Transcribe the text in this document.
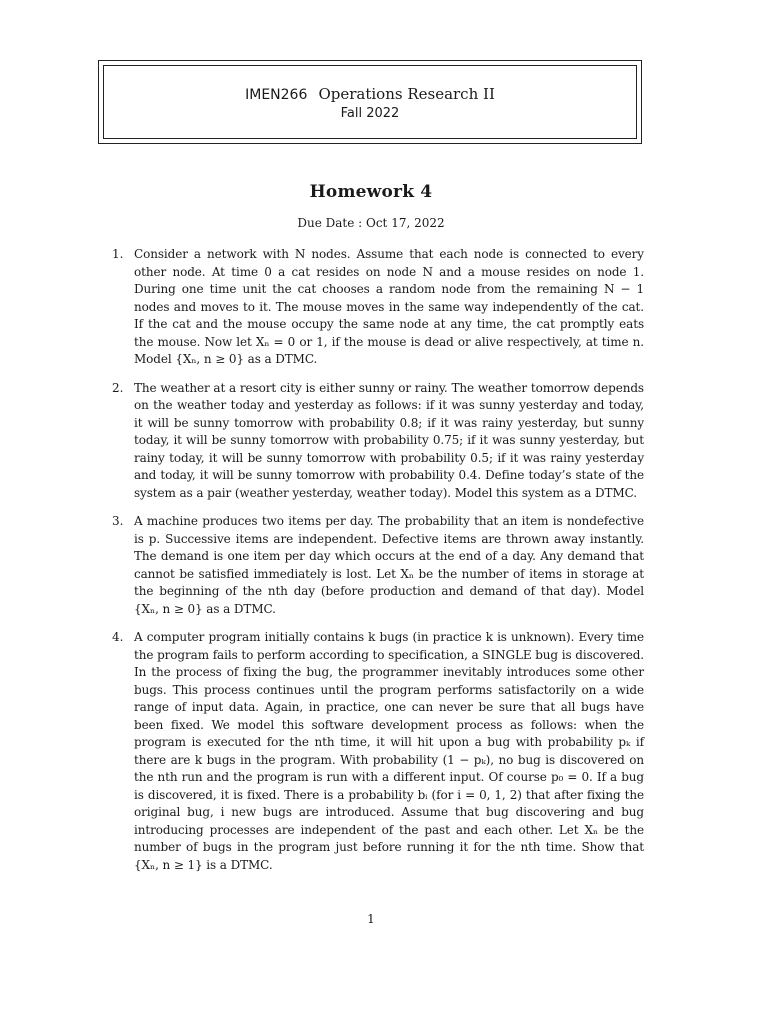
IMEN266 Operations Research II
Fall 2022
Homework 4
Due Date : Oct 17, 2022
1. Consider a network with N nodes. Assume that each node is connected to every other node. At time 0 a cat resides on node N and a mouse resides on node 1. During one time unit the cat chooses a random node from the remaining N − 1 nodes and moves to it. The mouse moves in the same way independently of the cat. If the cat and the mouse occupy the same node at any time, the cat promptly eats the mouse. Now let Xₙ = 0 or 1, if the mouse is dead or alive respectively, at time n. Model {Xₙ, n ≥ 0} as a DTMC.
2. The weather at a resort city is either sunny or rainy. The weather tomorrow depends on the weather today and yesterday as follows: if it was sunny yesterday and today, it will be sunny tomorrow with probability 0.8; if it was rainy yesterday, but sunny today, it will be sunny tomorrow with probability 0.75; if it was sunny yesterday, but rainy today, it will be sunny tomorrow with probability 0.5; if it was rainy yesterday and today, it will be sunny tomorrow with probability 0.4. Define today’s state of the system as a pair (weather yesterday, weather today). Model this system as a DTMC.
3. A machine produces two items per day. The probability that an item is nondefective is p. Successive items are independent. Defective items are thrown away instantly. The demand is one item per day which occurs at the end of a day. Any demand that cannot be satisfied immediately is lost. Let Xₙ be the number of items in storage at the beginning of the nth day (before production and demand of that day). Model {Xₙ, n ≥ 0} as a DTMC.
4. A computer program initially contains k bugs (in practice k is unknown). Every time the program fails to perform according to specification, a SINGLE bug is discovered. In the process of fixing the bug, the programmer inevitably introduces some other bugs. This process continues until the program performs satisfactorily on a wide range of input data. Again, in practice, one can never be sure that all bugs have been fixed. We model this software development process as follows: when the program is executed for the nth time, it will hit upon a bug with probability pₖ if there are k bugs in the program. With probability (1 − pₖ), no bug is discovered on the nth run and the program is run with a different input. Of course p₀ = 0. If a bug is discovered, it is fixed. There is a probability bᵢ (for i = 0, 1, 2) that after fixing the original bug, i new bugs are introduced. Assume that bug discovering and bug introducing processes are independent of the past and each other. Let Xₙ be the number of bugs in the program just before running it for the nth time. Show that {Xₙ, n ≥ 1} is a DTMC.
1
